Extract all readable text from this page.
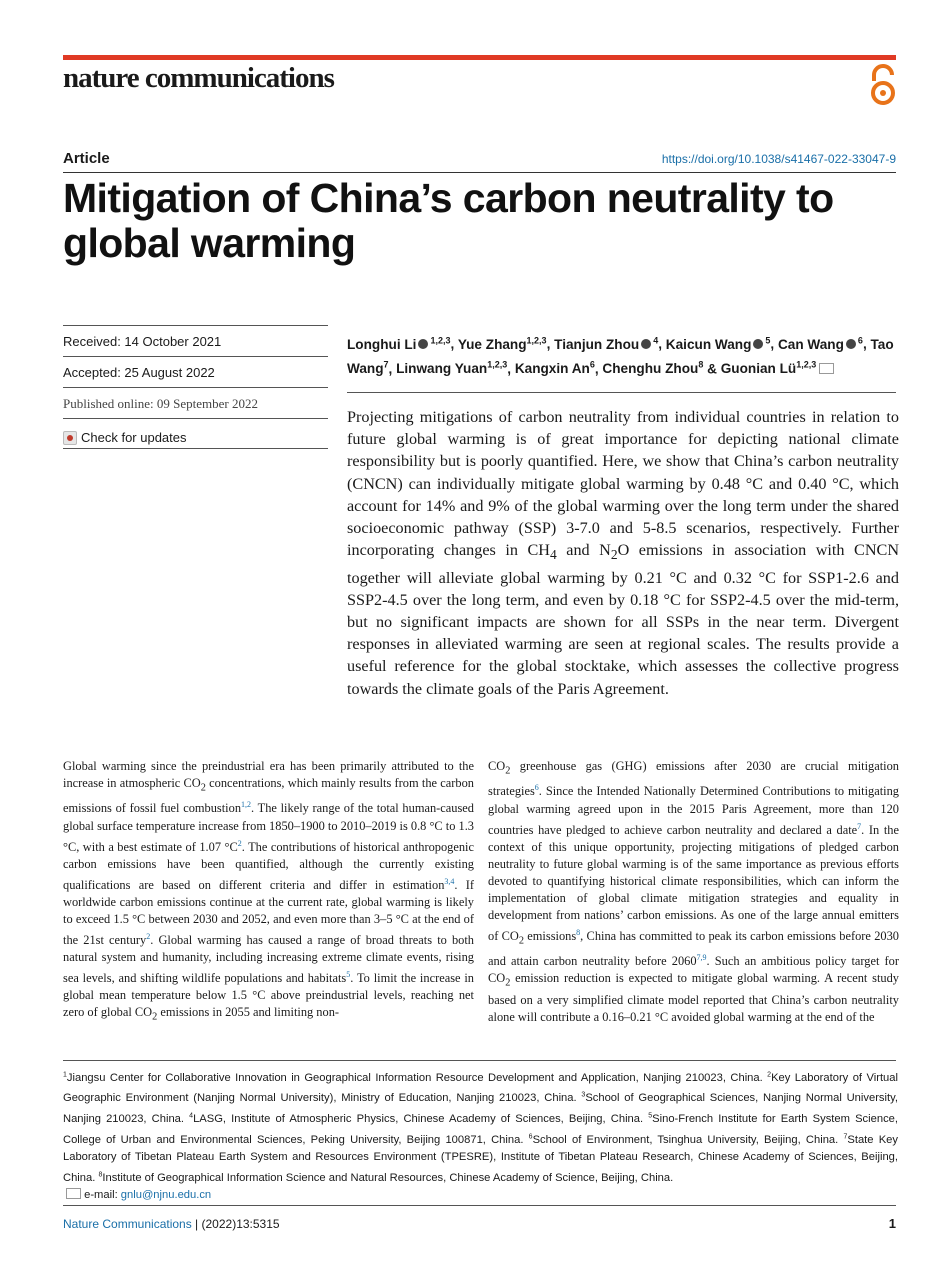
nature communications
Article	https://doi.org/10.1038/s41467-022-33047-9
Mitigation of China’s carbon neutrality to global warming
Received: 14 October 2021
Accepted: 25 August 2022
Published online: 09 September 2022
Check for updates
Longhui Li $^{1,2,3}$, Yue Zhang$^{1,2,3}$, Tianjun Zhou $^4$, Kaicun Wang $^5$, Can Wang $^6$, Tao Wang$^7$, Linwang Yuan$^{1,2,3}$, Kangxin An$^6$, Chenghu Zhou$^8$ & Guonian Lü$^{1,2,3}$
Projecting mitigations of carbon neutrality from individual countries in relation to future global warming is of great importance for depicting national climate responsibility but is poorly quantified. Here, we show that China’s carbon neutrality (CNCN) can individually mitigate global warming by 0.48 °C and 0.40 °C, which account for 14% and 9% of the global warming over the long term under the shared socioeconomic pathway (SSP) 3-7.0 and 5-8.5 scenarios, respectively. Further incorporating changes in $CH_4$ and $N_2O$ emissions in association with CNCN together will alleviate global warming by 0.21 °C and 0.32 °C for SSP1-2.6 and SSP2-4.5 over the long term, and even by 0.18 °C for SSP2-4.5 over the mid-term, but no significant impacts are shown for all SSPs in the near term. Divergent responses in alleviated warming are seen at regional scales. The results provide a useful reference for the global stocktake, which assesses the collective progress towards the climate goals of the Paris Agreement.
Global warming since the preindustrial era has been primarily attributed to the increase in atmospheric $CO_2$ concentrations, which mainly results from the carbon emissions of fossil fuel combustion$^{1,2}$. The likely range of the total human-caused global surface temperature increase from 1850–1900 to 2010–2019 is 0.8 °C to 1.3 °C, with a best estimate of 1.07 $^\circ C^2$. The contributions of historical anthropogenic carbon emissions have been quantified, although the currently existing qualifications are based on different criteria and differ in estimation$^{3,4}$. If worldwide carbon emissions continue at the current rate, global warming is likely to exceed 1.5 °C between 2030 and 2052, and even more than 3–5 °C at the end of the 21st century$^2$. Global warming has caused a range of broad threats to both natural system and humanity, including increasing extreme climate events, rising sea levels, and shifting wildlife populations and habitats$^5$. To limit the increase in global mean temperature below 1.5 °C above preindustrial levels, reaching net zero of global $CO_2$ emissions in 2055 and limiting non-
$CO_2$ greenhouse gas (GHG) emissions after 2030 are crucial mitigation strategies$^6$. Since the Intended Nationally Determined Contributions to mitigating global warming agreed upon in the 2015 Paris Agreement, more than 120 countries have pledged to achieve carbon neutrality and declared a date$^7$. In the context of this unique opportunity, projecting mitigations of pledged carbon neutrality to future global warming is of the same importance as previous efforts devoted to quantifying historical climate responsibilities, which can inform the implementation of global climate mitigation strategies and equality in development from nations’ carbon emissions. As one of the large annual emitters of $CO_2$ emissions$^8$, China has committed to peak its carbon emissions before 2030 and attain carbon neutrality before 2060$^{7,9}$. Such an ambitious policy target for $CO_2$ emission reduction is expected to mitigate global warming. A recent study based on a very simplified climate model reported that China’s carbon neutrality alone will contribute a 0.16–0.21 °C avoided global warming at the end of the
$^1$Jiangsu Center for Collaborative Innovation in Geographical Information Resource Development and Application, Nanjing 210023, China. $^2$Key Laboratory of Virtual Geographic Environment (Nanjing Normal University), Ministry of Education, Nanjing 210023, China. $^3$School of Geographical Sciences, Nanjing Normal University, Nanjing 210023, China. $^4$LASG, Institute of Atmospheric Physics, Chinese Academy of Sciences, Beijing, China. $^5$Sino-French Institute for Earth System Science, College of Urban and Environmental Sciences, Peking University, Beijing 100871, China. $^6$School of Environment, Tsinghua University, Beijing, China. $^7$State Key Laboratory of Tibetan Plateau Earth System and Resources Environment (TPESRE), Institute of Tibetan Plateau Research, Chinese Academy of Sciences, Beijing, China. $^8$Institute of Geographical Information Science and Natural Resources, Chinese Academy of Science, Beijing, China.
e-mail: gnlu@njnu.edu.cn
Nature Communications | (2022)13:5315	1
